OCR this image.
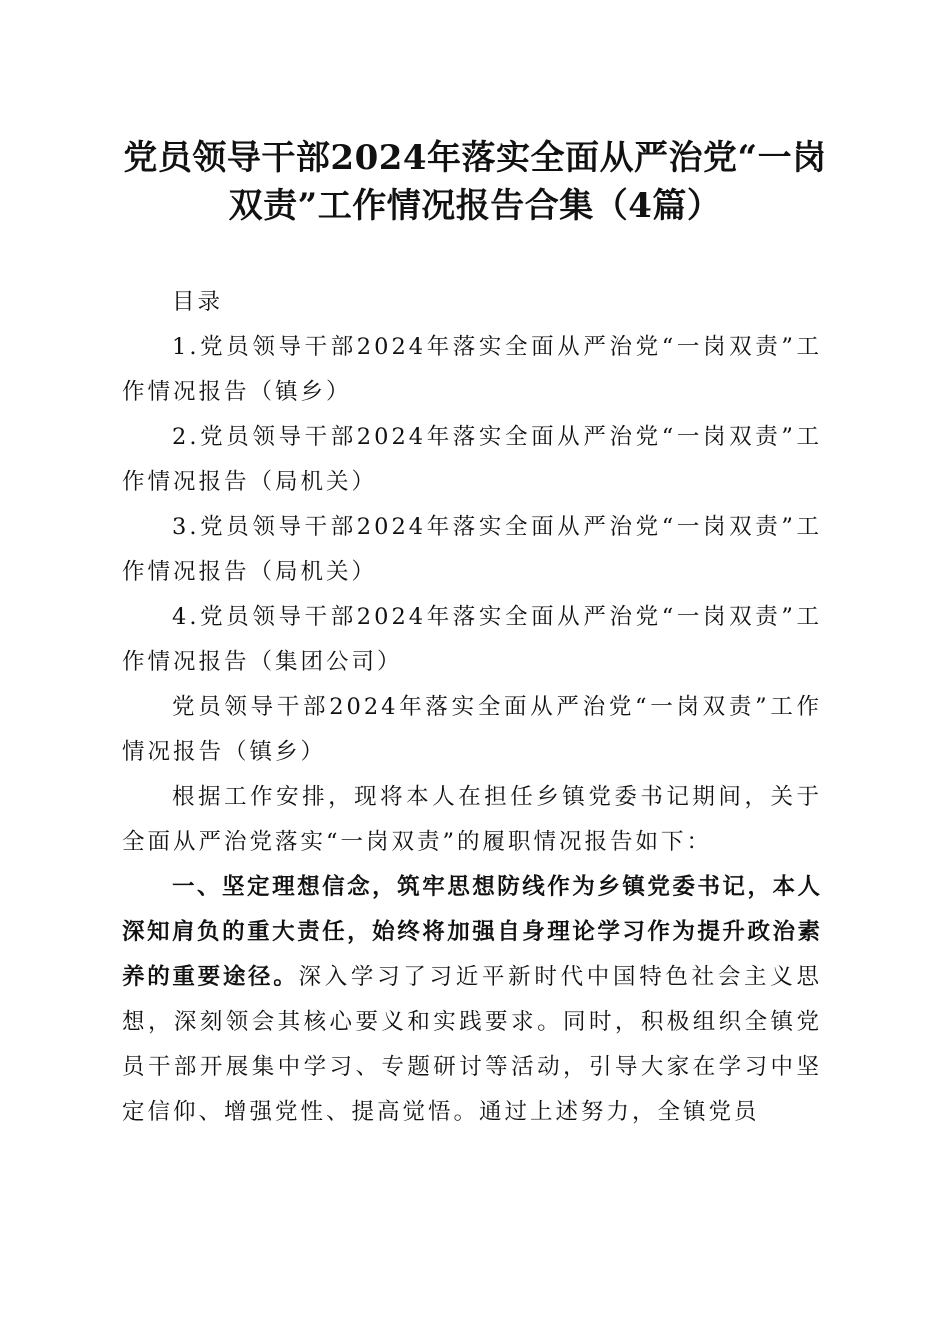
党员领导干部2024年落实全面从严治党“一岗双责”工作情况报告合集（4篇）

目录

1.党员领导干部2024年落实全面从严治党“一岗双责”工作情况报告（镇乡）

2.党员领导干部2024年落实全面从严治党“一岗双责”工作情况报告（局机关）

3.党员领导干部2024年落实全面从严治党“一岗双责”工作情况报告（局机关）

4.党员领导干部2024年落实全面从严治党“一岗双责”工作情况报告（集团公司）

党员领导干部2024年落实全面从严治党“一岗双责”工作情况报告（镇乡）

根据工作安排，现将本人在担任乡镇党委书记期间，关于全面从严治党落实“一岗双责”的履职情况报告如下：

一、坚定理想信念，筑牢思想防线作为乡镇党委书记，本人深知肩负的重大责任，始终将加强自身理论学习作为提升政治素养的重要途径。深入学习了习近平新时代中国特色社会主义思想，深刻领会其核心要义和实践要求。同时，积极组织全镇党员干部开展集中学习、专题研讨等活动，引导大家在学习中坚定信仰、增强党性、提高觉悟。通过上述努力，全镇党员
